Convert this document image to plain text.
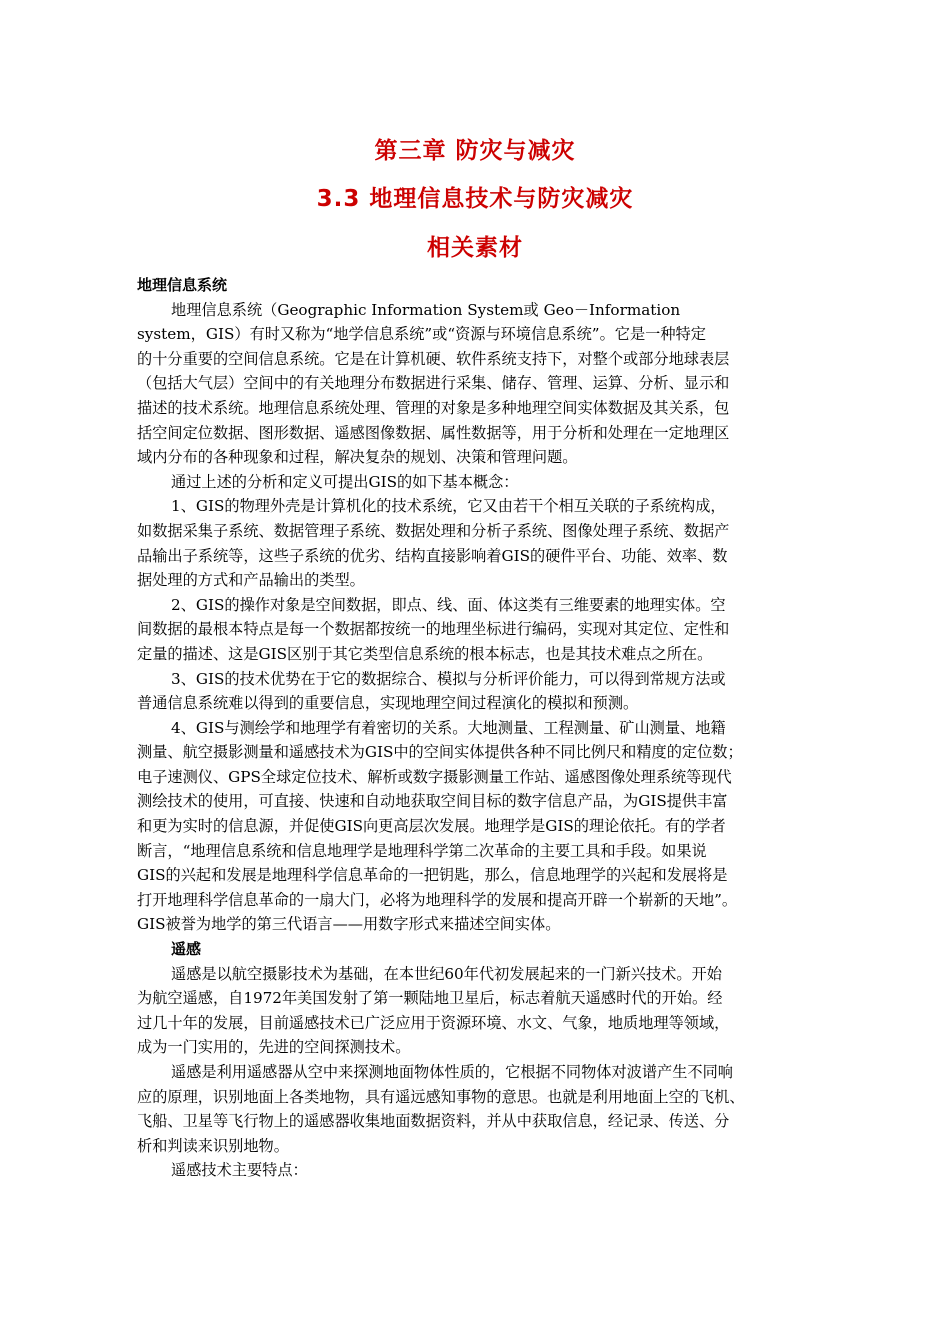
第三章 防灾与减灾
3.3 地理信息技术与防灾减灾
相关素材
地理信息系统
地理信息系统（Geographic Information System或 Geo－Information
system，GIS）有时又称为“地学信息系统”或“资源与环境信息系统”。它是一种特定
的十分重要的空间信息系统。它是在计算机硬、软件系统支持下，对整个或部分地球表层
（包括大气层）空间中的有关地理分布数据进行采集、储存、管理、运算、分析、显示和
描述的技术系统。地理信息系统处理、管理的对象是多种地理空间实体数据及其关系，包
括空间定位数据、图形数据、遥感图像数据、属性数据等，用于分析和处理在一定地理区
域内分布的各种现象和过程，解决复杂的规划、决策和管理问题。
通过上述的分析和定义可提出GIS的如下基本概念：
1、GIS的物理外壳是计算机化的技术系统，它又由若干个相互关联的子系统构成，
如数据采集子系统、数据管理子系统、数据处理和分析子系统、图像处理子系统、数据产
品输出子系统等，这些子系统的优劣、结构直接影响着GIS的硬件平台、功能、效率、数
据处理的方式和产品输出的类型。
2、GIS的操作对象是空间数据，即点、线、面、体这类有三维要素的地理实体。空
间数据的最根本特点是每一个数据都按统一的地理坐标进行编码，实现对其定位、定性和
定量的描述、这是GIS区别于其它类型信息系统的根本标志，也是其技术难点之所在。
3、GIS的技术优势在于它的数据综合、模拟与分析评价能力，可以得到常规方法或
普通信息系统难以得到的重要信息，实现地理空间过程演化的模拟和预测。
4、GIS与测绘学和地理学有着密切的关系。大地测量、工程测量、矿山测量、地籍
测量、航空摄影测量和遥感技术为GIS中的空间实体提供各种不同比例尺和精度的定位数；
电子速测仪、GPS全球定位技术、解析或数字摄影测量工作站、遥感图像处理系统等现代
测绘技术的使用，可直接、快速和自动地获取空间目标的数字信息产品，为GIS提供丰富
和更为实时的信息源，并促使GIS向更高层次发展。地理学是GIS的理论依托。有的学者
断言，“地理信息系统和信息地理学是地理科学第二次革命的主要工具和手段。如果说
GIS的兴起和发展是地理科学信息革命的一把钥匙，那么，信息地理学的兴起和发展将是
打开地理科学信息革命的一扇大门，必将为地理科学的发展和提高开辟一个崭新的天地”。
GIS被誉为地学的第三代语言——用数字形式来描述空间实体。
遥感
遥感是以航空摄影技术为基础，在本世纪60年代初发展起来的一门新兴技术。开始
为航空遥感，自1972年美国发射了第一颗陆地卫星后，标志着航天遥感时代的开始。经
过几十年的发展，目前遥感技术已广泛应用于资源环境、水文、气象，地质地理等领域，
成为一门实用的，先进的空间探测技术。
遥感是利用遥感器从空中来探测地面物体性质的，它根据不同物体对波谱产生不同响
应的原理，识别地面上各类地物，具有遥远感知事物的意思。也就是利用地面上空的飞机、
飞船、卫星等飞行物上的遥感器收集地面数据资料，并从中获取信息，经记录、传送、分
析和判读来识别地物。
遥感技术主要特点：
